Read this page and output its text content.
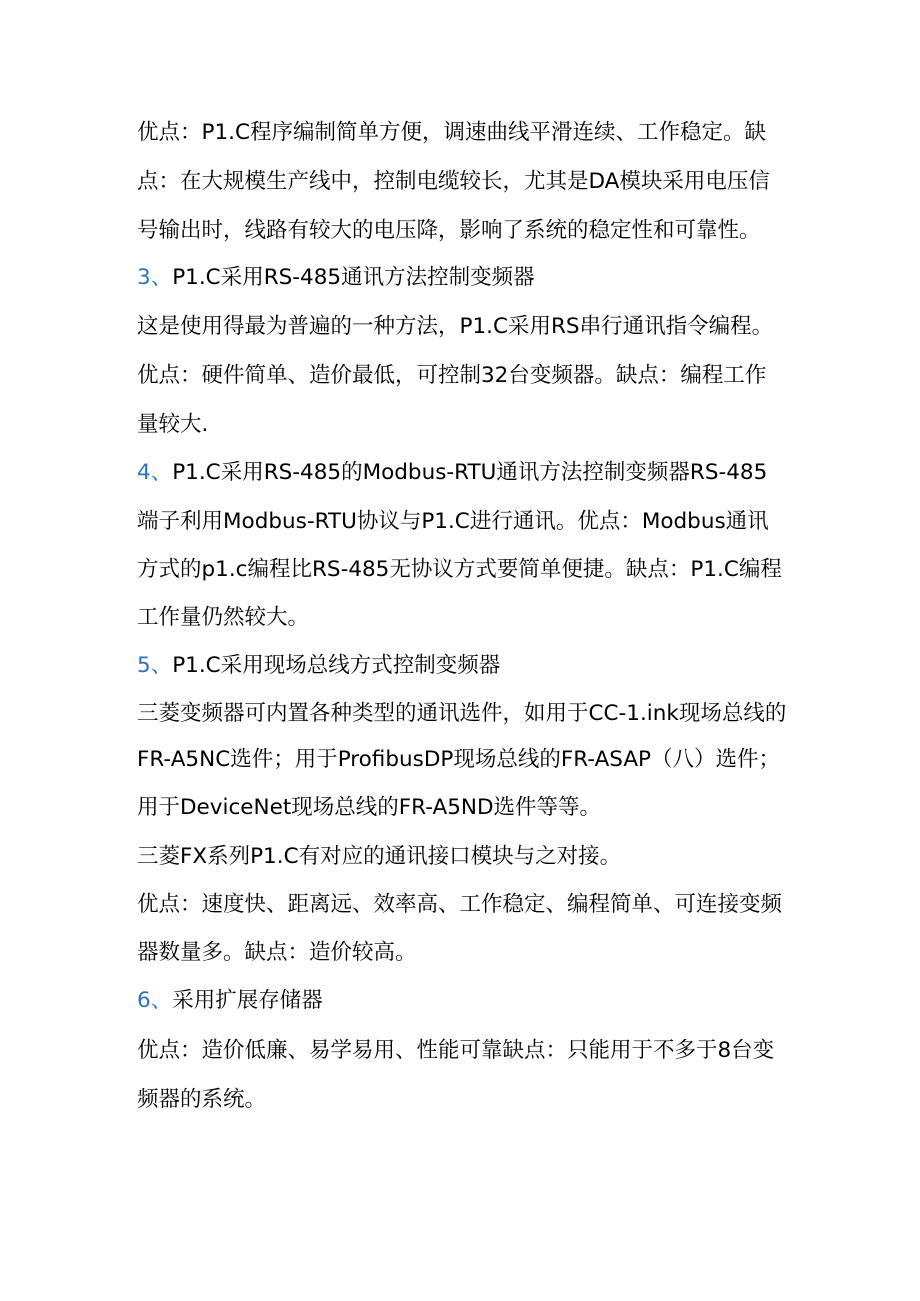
优点：P1.C程序编制简单方便，调速曲线平滑连续、工作稳定。缺
点：在大规模生产线中，控制电缆较长，尤其是DA模块采用电压信
号输出时，线路有较大的电压降，影响了系统的稳定性和可靠性。
3、P1.C采用RS-485通讯方法控制变频器
这是使用得最为普遍的一种方法，P1.C采用RS串行通讯指令编程。
优点：硬件简单、造价最低，可控制32台变频器。缺点：编程工作
量较大.
4、P1.C采用RS-485的Modbus-RTU通讯方法控制变频器RS-485
端子利用Modbus-RTU协议与P1.C进行通讯。优点：Modbus通讯
方式的p1.c编程比RS-485无协议方式要简单便捷。缺点：P1.C编程
工作量仍然较大。
5、P1.C采用现场总线方式控制变频器
三菱变频器可内置各种类型的通讯选件，如用于CC-1.ink现场总线的
FR-A5NC选件；用于ProfibusDP现场总线的FR-ASAP（八）选件；
用于DeviceNet现场总线的FR-A5ND选件等等。
三菱FX系列P1.C有对应的通讯接口模块与之对接。
优点：速度快、距离远、效率高、工作稳定、编程简单、可连接变频
器数量多。缺点：造价较高。
6、采用扩展存储器
优点：造价低廉、易学易用、性能可靠缺点：只能用于不多于8台变
频器的系统。
